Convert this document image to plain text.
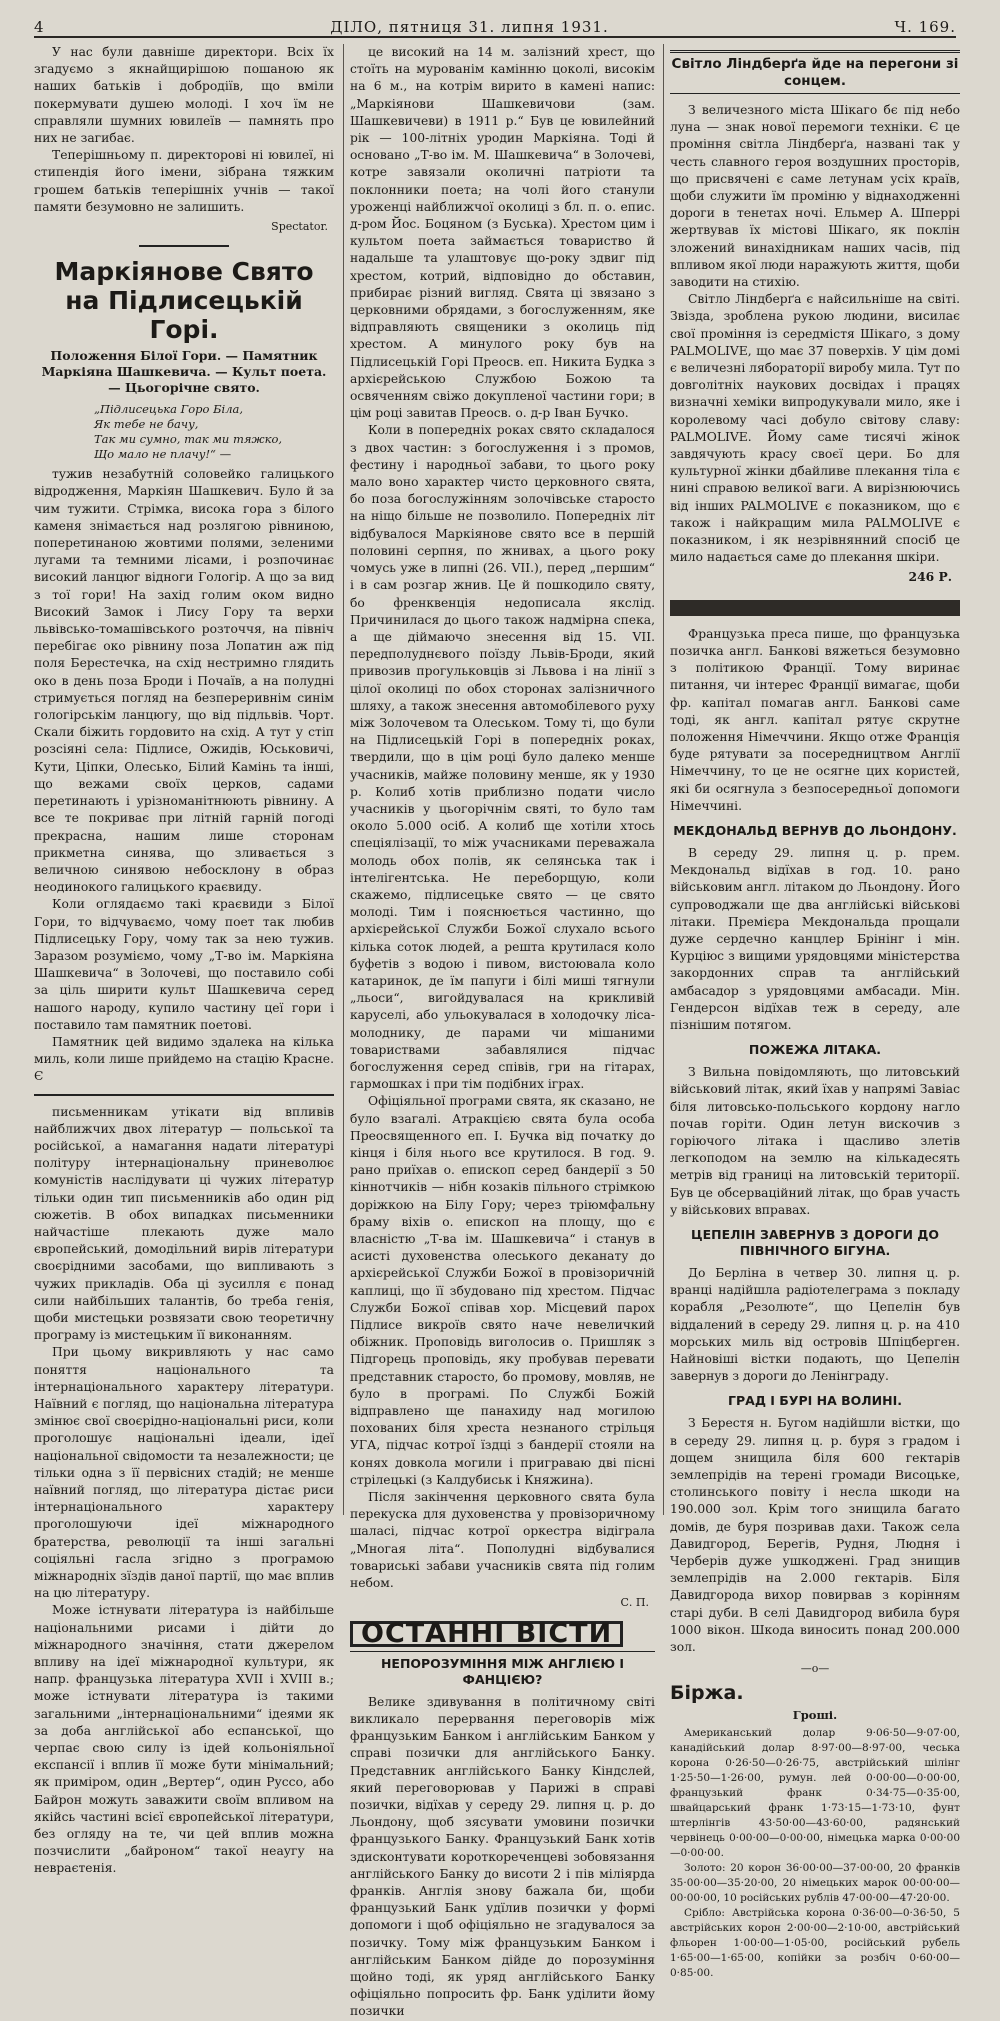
4	ДІЛО, пятниця 31. липня 1931.	Ч. 169.

У нас були давніше директори. Всіх їх згадуємо з якнайщирішою пошаною як наших батьків і добродіїв, що вміли покермувати душею молоді. І хоч їм не справляли шумних ювилеїв — памнять про них не загибає.

Теперішньому п. директорові ні ювилеї, ні стипендія його імени, зібрана тяжким грошем батьків теперішніх учнів — такої памяти безумовно не залишить.

Spectator.
Маркіянове Свято на Підлисецькій Горі.
Положення Білої Гори. — Памятник Маркіяна Шашкевича. — Культ поета. — Цьогорічне свято.
„Підлисецька Горо Біла,
Як тебе не бачу,
Так ми сумно, так ми тяжко,
Що мало не плачу!“ —

тужив незабутній соловейко галицького відродження, Маркіян Шашкевич. Було й за чим тужити. Стрімка, висока гора з білого каменя знімається над розлягою рівниною, поперетинаною жовтими полями, зеленими лугами та темними лісами, і розпочинає високий ланцюг відноги Гологір. А що за вид з тої гори! На захід голим оком видно Високий Замок і Лису Гору та верхи львівсько-томашівського розточчя, на північ перебігає око рівнину поза Лопатин аж під поля Берестечка, на схід нестримно глядить око в день поза Броди і Почаїв, а на полудні стримується погляд на безпереривнім синім гологірськім ланцюгу, що від підльвів. Чорт. Скали біжить гордовито на схід. А тут у стіп розсіяні села: Підлисе, Ожидів, Юськовичі, Кути, Ціпки, Олесько, Білий Камінь та інші, що вежами своїх церков, садами перетинають і урізноманітнюють рівнину. А все те покриває при літній гарній погоді прекрасна, нашим лише сторонам прикметна синява, що зливається з величною синявою небосклону в образ неодинокого галицького краєвиду.

Коли оглядаємо такі краєвиди з Білої Гори, то відчуваємо, чому поет так любив Підлисецьку Гору, чому так за нею тужив. Заразом розуміємо, чому „Т-во ім. Маркіяна Шашкевича“ в Золочеві, що поставило собі за ціль ширити культ Шашкевича серед нашого народу, купило частину цеї гори і поставило там памятник поетові.

Памятник цей видимо здалека на кілька миль, коли лише прийдемо на стацію Красне. Є

письменникам утікати від впливів найближчих двох літератур — польської та російської, а намагання надати літературі політуру інтернаціональну приневолює комуністів наслідувати ці чужих літератур тільки один тип письменників або один рід сюжетів. В обох випадках письменники найчастіше плекають дуже мало європейський, домодільний вирів літератури своєрідними засобами, що випливають з чужих прикладів. Оба ці зусилля є понад сили найбільших талантів, бо треба генія, щоби мистецьки розвязати свою теоретичну програму із мистецьким її виконанням.

При цьому викривляють у нас само поняття національного та інтернаціонального характеру літератури. Наївний є погляд, що національна література змінює свої своєрідно-національні риси, коли проголошує національні ідеали, ідеї національної свідомости та незалежности; це тільки одна з її первісних стадій; не менше наївний погляд, що література дістає риси інтернаціонального характеру проголошуючи ідеї міжнародного братерства, революції та інші загальні соціяльні гасла згідно з програмою міжнародніх зїздів даної партії, що має вплив на цю літературу.

Може істнувати література із найбільше національними рисами і дійти до міжнародного значіння, стати джерелом впливу на ідеї міжнародної культури, як напр. французька література XVII і XVIII в.; може істнувати література із такими загальними „інтернаціональними“ ідеями як за доба англійської або еспанської, що черпає свою силу із ідей кольоніяльної експансії і вплив її може бути мінімальний; як приміром, один „Вертер“, один Руссо, або Байрон можуть заважити своїм впливом на якійсь частині всієї європейської літератури, без огляду на те, чи цей вплив можна позчислити „байроном“ такої неаугу на невраєтенія.

це високий на 14 м. залізний хрест, що стоїть на мурованім камінню цоколі, високім на 6 м., на котрім вирито в камені напис: „Маркіянови Шашкевичови (зам. Шашкевичеви) в 1911 р.“ Був це ювилейний рік — 100-літніх уродин Маркіяна. Тоді й основано „Т-во ім. М. Шашкевича“ в Золочеві, котре завязали околичні патріоти та поклонники поета; на чолі його станули уроженці найближчої околиці з бл. п. о. епис. д-ром Йос. Боцяном (з Буська). Хрестом цим і культом поета займається товариство й надальше та улаштовує що-року здвиг під хрестом, котрий, відповідно до обставин, прибирає різний вигляд. Свята ці звязано з церковними обрядами, з богослуженням, яке відправляють священики з околиць під хрестом. А минулого року був на Підлисецькій Горі Преосв. еп. Никита Будка з архієрейською Службою Божою та освяченням свіжо докупленої частини гори; в цім році завитав Преосв. о. д-р Іван Бучко.

Коли в попередніх роках свято складалося з двох частин: з богослуження і з промов, фестину і народньої забави, то цього року мало воно характер чисто церковного свята, бо поза богослужінням золочівське старосто на ніщо більше не позволило. Попередніх літ відбувалося Маркіянове свято все в першій половині серпня, по жнивах, а цього року чомусь уже в липні (26. VII.), перед „першим“ і в сам розгар жнив. Це й пошкодило святу, бо френквенція недописала якслід. Причинилася до цього також надмірна спека, а ще діймаючо знесення від 15. VII. передполуднєвого поїзду Львів-Броди, який привозив прогульковців зі Львова і на лінії з цілої околиці по обох сторонах залізничного шляху, а також знесення автомобілевого руху між Золочевом та Олеськом. Тому ті, що були на Підлисецькій Горі в попередніх роках, твердили, що в цім році було далеко менше учасників, майже половину менше, як у 1930 р. Колиб хотів приблизно подати число учасників у цьогорічнім святі, то було там около 5.000 осіб. А колиб ще хотіли хтось спеціялізації, то між учасниками переважала молодь обох полів, як селянська так і інтелігентська. Не переборщую, коли скажемо, підлисецьке свято — це свято молоді. Тим і пояснюється частинно, що архієрейської Служби Божої слухало всього кілька соток людей, а решта крутилася коло буфетів з водою і пивом, вистоювала коло катаринок, де їм папуги і білі миші тягнули „льоси“, вигойдувалася на крикливій каруселі, або ульокувалася в холодочку ліса-молоднику, де парами чи мішаними товариствами забавлялися підчас богослуження серед співів, гри на гітарах, гармошках і при тім подібних іграх.

Офіціяльної програми свята, як сказано, не було взагалі. Атракцією свята була особа Преосвященного еп. І. Бучка від початку до кінця і біля нього все крутилося. В год. 9. рано приїхав о. епископ серед бандерії з 50 кіннотчиків — нібн козаків пільного стрімкою доріжкою на Білу Гору; через тріюмфальну браму віхів о. епископ на площу, що є власністю „Т-ва ім. Шашкевича“ і станув в асисті духовенства олеського деканату до архієрейської Служби Божої в провізоричній каплиці, що її збудовано під хрестом. Підчас Служби Божої співав хор. Місцевий парох Підлисе викроїв свято наче невеличкий обіжник. Проповідь виголосив о. Пришляк з Підгорець проповідь, яку пробував перевати представник старосто, бо промову, мовляв, не було в програмі. По Службі Божій відправлено ще панахиду над могилою похованих біля хреста незнаного стрільця УГА, підчас котрої їздці з бандерії стояли на конях довкола могили і приграваю дві пісні стрілецькі (з Калдубиськ і Княжина).

Після закінчення церковного свята була перекуска для духовенства у провізоричному шаласі, підчас котрої оркестра відіграла „Многая літа“. Пополудні відбувалися товариські забави учасників свята під голим небом.

С. П.
ОСТАННІ ВІСТИ
НЕПОРОЗУМІННЯ МІЖ АНГЛІЄЮ І ФАНЦІЄЮ?

Велике здивування в політичному світі викликало перервання переговорів між французьким Банком і англійським Банком у справі позички для англійського Банку. Представник англійського Банку Кіндслей, який переговорював у Парижі в справі позички, відїхав у середу 29. липня ц. р. до Льондону, щоб зясувати умовини позички французького Банку. Французький Банк хотів здисконтувати короткореченцеві зобовязання англійського Банку до висоти 2 і пів міліярда франків. Англія знову бажала би, щоби французький Банк удїлив позички у формі допомоги і щоб офіціяльно не згадувалося за позичку. Тому між французьким Банком і англійським Банком дійде до порозуміння щойно тоді, як уряд англійського Банку офіціяльно попросить фр. Банк уділити йому позички

Світло Ліндберґа йде на перегони зі сонцем.

З величезного міста Шікаго бє під небо луна — знак нової перемоги техніки. Є це проміння світла Ліндберґа, названі так у честь славного героя воздушних просторів, що присвячені є саме летунам усіх країв, щоби служити їм проміню у віднаходженні дороги в тенетах ночі. Ельмер А. Шперрі жертвував їх містові Шікаго, як поклін зложений винахідникам наших часів, під впливом якої люди наражують життя, щоби заводити на стихію.

Світло Ліндберґа є найсильніше на світі. Звізда, зроблена рукою людини, висилає свої проміння із середмістя Шікаго, з дому PALMOLIVE, що має 37 поверхів. У цім домі є величезні лябораторії виробу мила. Тут по довголітніх наукових досвідах і працях визначні хеміки випродукували мило, яке і королевому часі добуло світову славу: PALMOLIVE. Йому саме тисячі жінок завдячують красу своєї цери. Бо для культурної жінки дбайливе плекання тіла є нині справою великої ваги. А вирізнюючись від інших PALMOLIVE є показником, що є також і найкращим мила PALMOLIVE є показником, і як незрівнянний спосіб це мило надається саме до плекання шкіри.

246 Р.

Французька преса пише, що французька позичка англ. Банкові вяжеться безумовно з політикою Франції. Тому виринає питання, чи інтерес Франції вимагає, щоби фр. капітал помагав англ. Банкові саме тоді, як англ. капітал рятує скрутне положення Німеччини. Якщо отже Франція буде рятувати за посередництвом Англії Німеччину, то це не осягне цих користей, які би осягнула з безпосередньої допомоги Німеччині.

МЕКДОНАЛЬД ВЕРНУВ ДО ЛЬОНДОНУ.

В середу 29. липня ц. р. прем. Мекдональд відїхав в год. 10. рано військовим англ. літаком до Льондону. Його супроводжали ще два англійські військові літаки. Премієра Мекдональда прощали дуже сердечно канцлер Брінінг і мін. Курціюс з вищими урядовцями міністерства закордонних справ та англійський амбасадор з урядовцями амбасади. Мін. Гендерсон відїхав теж в середу, але пізнішим потягом.

ПОЖЕЖА ЛІТАКА.

З Вильна повідомляють, що литовський військовий літак, який їхав у напрямі Завіас біля литовсько-польського кордону нагло почав горіти. Один летун вискочив з горіючого літака і щасливо злетів легкоподом на землю на кількадесять метрів від границі на литовській території. Був це обсерваційний літак, що брав участь у військових вправах.

ЦЕПЕЛІН ЗАВЕРНУВ З ДОРОГИ ДО ПІВНІЧНОГО БІГУНА.

До Берліна в четвер 30. липня ц. р. вранці надійшла радіотелеграма з покладу корабля „Резолюте“, що Цепелін був віддалений в середу 29. липня ц. р. на 410 морських миль від островів Шпіцберген. Найновіші вістки подають, що Цепелін завернув з дороги до Ленінграду.

ГРАД І БУРІ НА ВОЛИНІ.

З Берестя н. Бугом надійшли вістки, що в середу 29. липня ц. р. буря з градом і дощем знищила біля 600 гектарів землепрідів на терені громади Висоцьке, столинського повіту і несла шкоди на 190.000 зол. Крім того знищила багато домів, де буря позривав дахи. Також села Давидгород, Берегів, Рудня, Людня і Черберів дуже ушкоджені. Град знищив землепрідів на 2.000 гектарів. Біля Давидгорода вихор повирвав з корінням старі дуби. В селі Давидгород вибила буря 1000 вікон. Шкода виносить понад 200.000 зол.

—о—
Біржа.
Гроші.

Американський долар 9·06·50—9·07·00, канадійський долар 8·97·00—8·97·00, чеська корона 0·26·50—0·26·75, австрійський шілінг 1·25·50—1·26·00, румун. лей 0·00·00—0·00·00, французький франк 0·34·75—0·35·00, швайцарський франк 1·73·15—1·73·10, фунт штерлінгів 43·50·00—43·60·00, радянський червінець 0·00·00—0·00·00, німецька марка 0·00·00—0·00·00.

Золото: 20 корон 36·00·00—37·00·00, 20 франків 35·00·00—35·20·00, 20 німецьких марок 00·00·00—00·00·00, 10 російських рублів 47·00·00—47·20·00.

Срібло: Австрійська корона 0·36·00—0·36·50, 5 австрійських корон 2·00·00—2·10·00, австрійський фльорен 1·00·00—1·05·00, російський рубель 1·65·00—1·65·00, копійки за розбіч 0·60·00—0·85·00.
